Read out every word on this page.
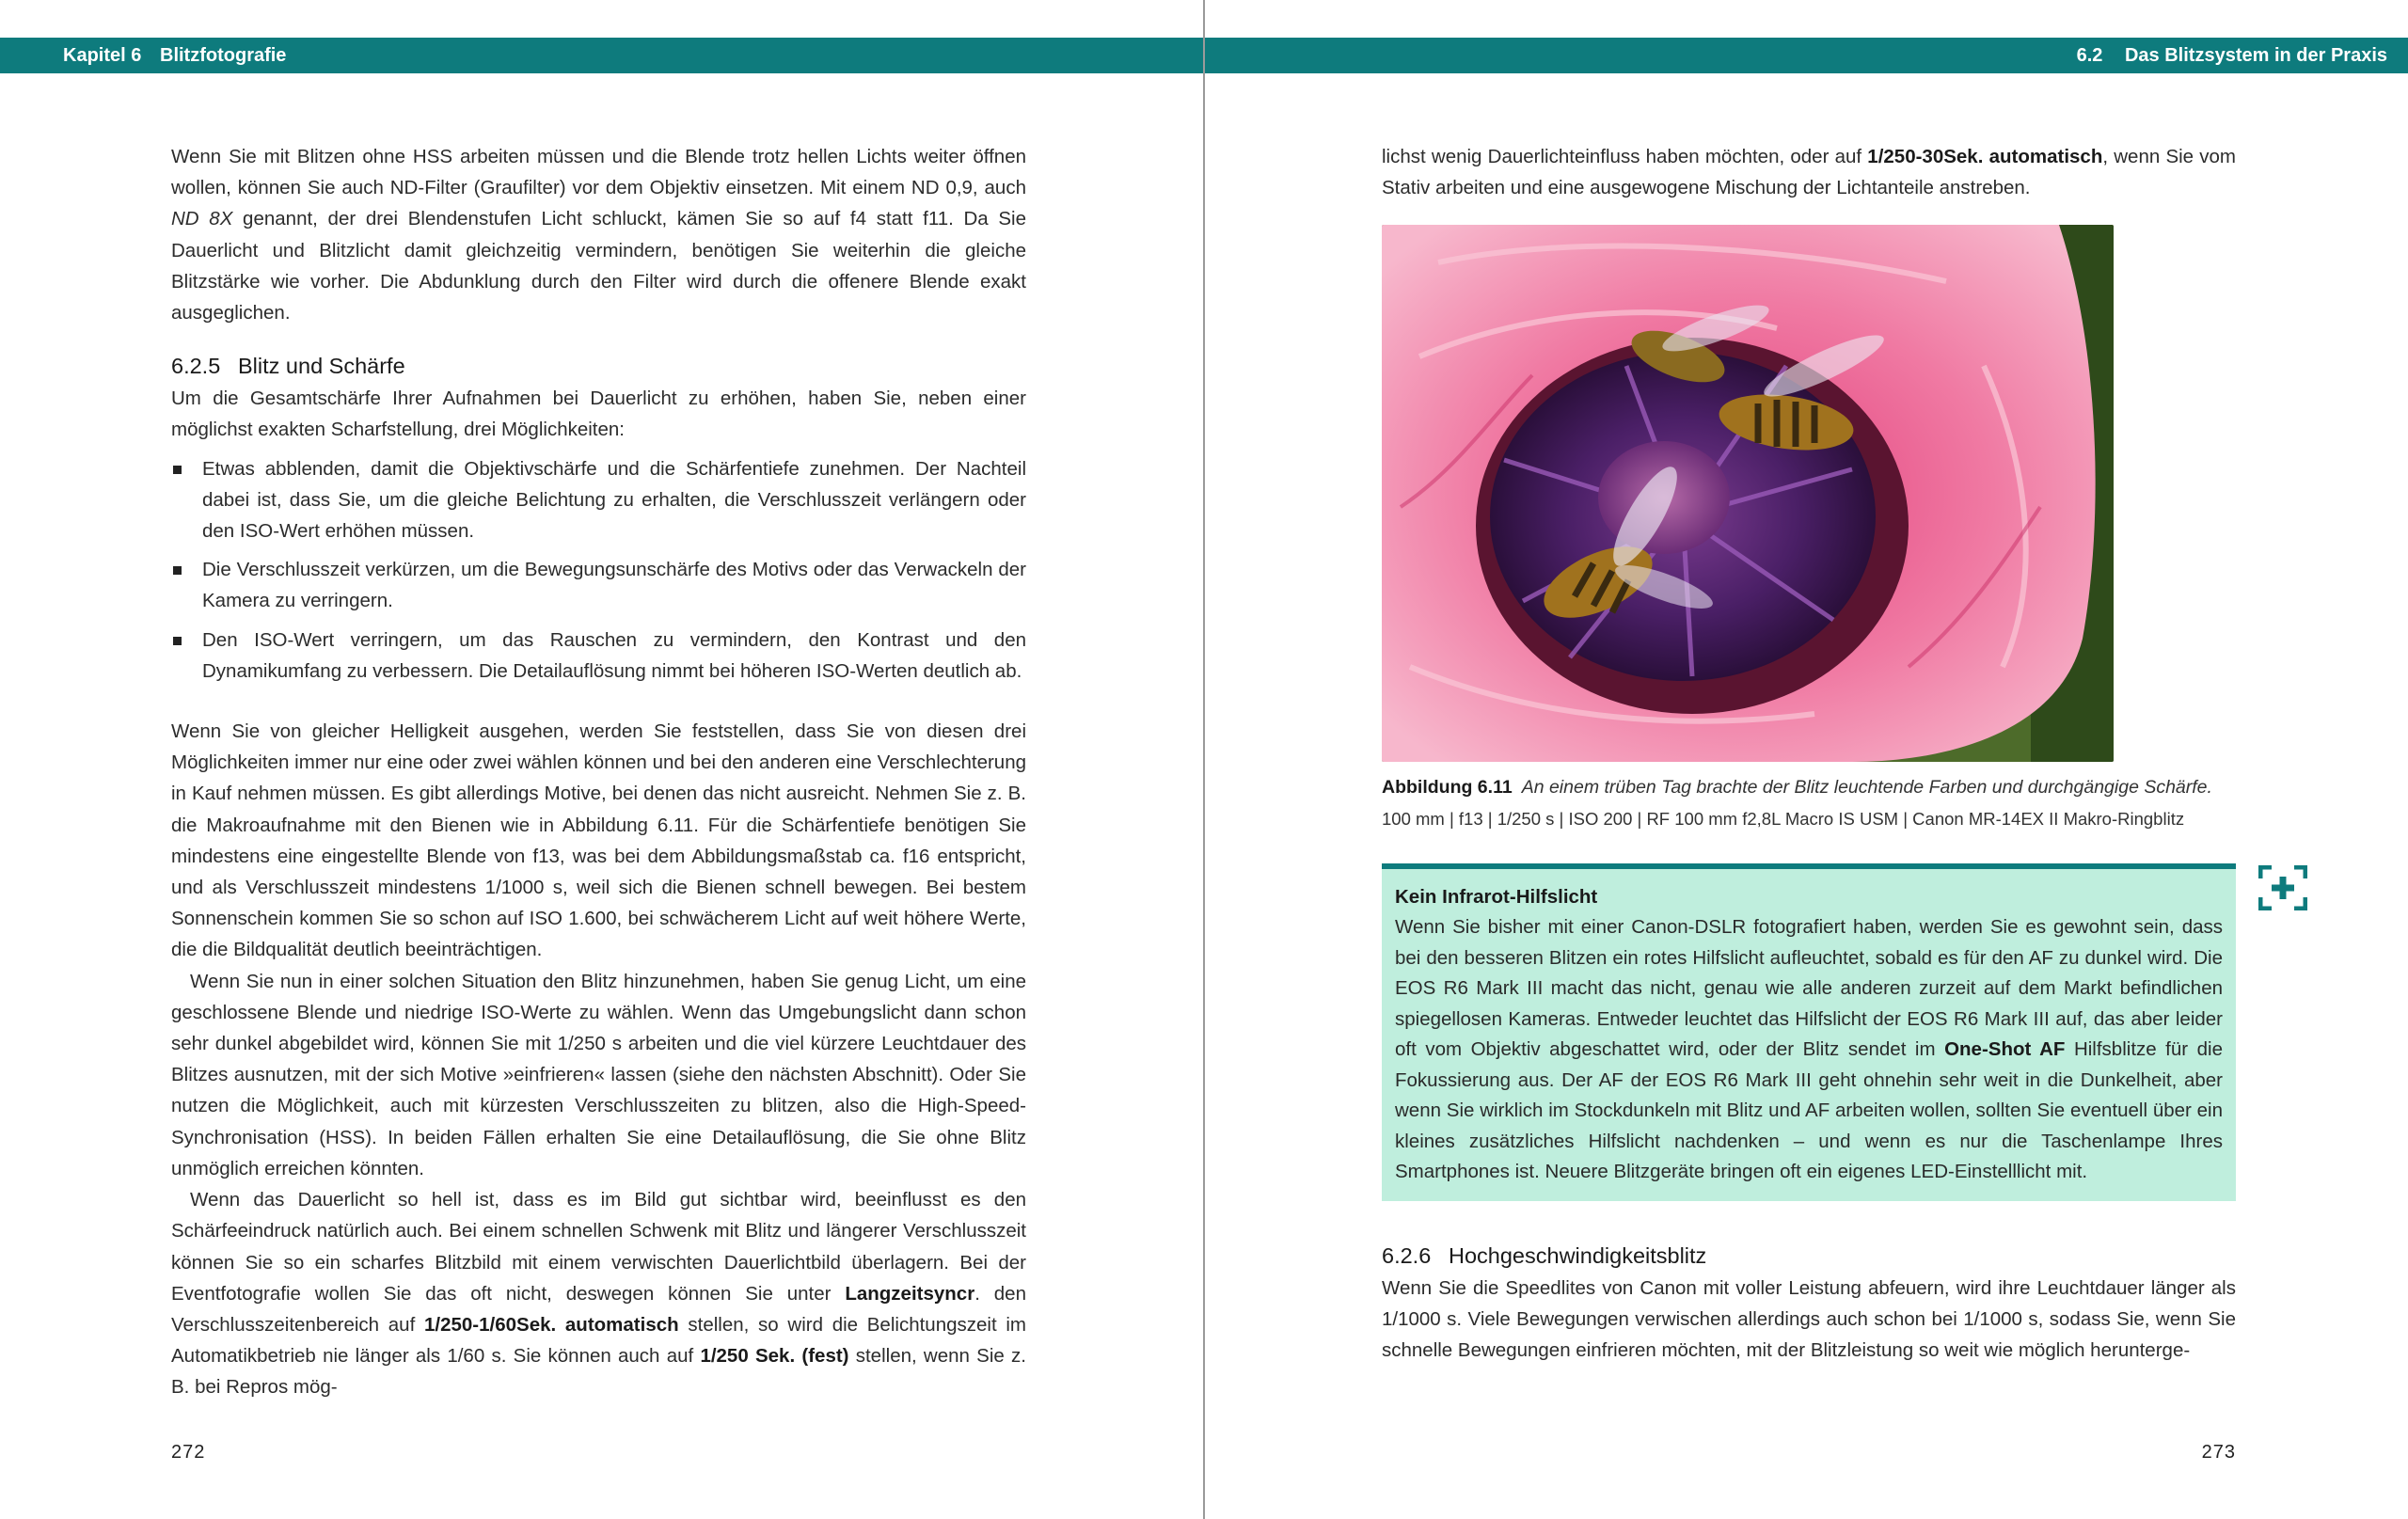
Kapitel 6 Blitzfotografie

Wenn Sie mit Blitzen ohne HSS arbeiten müssen und die Blende trotz hellen Lichts weiter öffnen wollen, können Sie auch ND-Filter (Graufilter) vor dem Objektiv einsetzen. Mit einem ND 0,9, auch ND 8X genannt, der drei Blendenstufen Licht schluckt, kämen Sie so auf f4 statt f11. Da Sie Dauerlicht und Blitzlicht damit gleichzeitig vermindern, benötigen Sie weiterhin die gleiche Blitzstärke wie vorher. Die Abdunklung durch den Filter wird durch die offenere Blende exakt ausgeglichen.

6.2.5 Blitz und Schärfe

Um die Gesamtschärfe Ihrer Aufnahmen bei Dauerlicht zu erhöhen, haben Sie, neben einer möglichst exakten Scharfstellung, drei Möglichkeiten:

Etwas abblenden, damit die Objektivschärfe und die Schärfentiefe zunehmen. Der Nachteil dabei ist, dass Sie, um die gleiche Belichtung zu erhalten, die Verschlusszeit verlängern oder den ISO-Wert erhöhen müssen.
Die Verschlusszeit verkürzen, um die Bewegungsunschärfe des Motivs oder das Verwackeln der Kamera zu verringern.
Den ISO-Wert verringern, um das Rauschen zu vermindern, den Kontrast und den Dynamikumfang zu verbessern. Die Detailauflösung nimmt bei höheren ISO-Werten deutlich ab.

Wenn Sie von gleicher Helligkeit ausgehen, werden Sie feststellen, dass Sie von diesen drei Möglichkeiten immer nur eine oder zwei wählen können und bei den anderen eine Verschlechterung in Kauf nehmen müssen. Es gibt allerdings Motive, bei denen das nicht ausreicht. Nehmen Sie z. B. die Makroaufnahme mit den Bienen wie in Abbildung 6.11. Für die Schärfentiefe benötigen Sie mindestens eine eingestellte Blende von f13, was bei dem Abbildungsmaßstab ca. f16 entspricht, und als Verschlusszeit mindestens 1/1000 s, weil sich die Bienen schnell bewegen. Bei bestem Sonnenschein kommen Sie so schon auf ISO 1.600, bei schwächerem Licht auf weit höhere Werte, die die Bildqualität deutlich beeinträchtigen.

Wenn Sie nun in einer solchen Situation den Blitz hinzunehmen, haben Sie genug Licht, um eine geschlossene Blende und niedrige ISO-Werte zu wählen. Wenn das Umgebungslicht dann schon sehr dunkel abgebildet wird, können Sie mit 1/250 s arbeiten und die viel kürzere Leuchtdauer des Blitzes ausnutzen, mit der sich Motive »einfrieren« lassen (siehe den nächsten Abschnitt). Oder Sie nutzen die Möglichkeit, auch mit kürzesten Verschlusszeiten zu blitzen, also die High-Speed-Synchronisation (HSS). In beiden Fällen erhalten Sie eine Detailauflösung, die Sie ohne Blitz unmöglich erreichen könnten.

Wenn das Dauerlicht so hell ist, dass es im Bild gut sichtbar wird, beeinflusst es den Schärfeeindruck natürlich auch. Bei einem schnellen Schwenk mit Blitz und längerer Verschlusszeit können Sie so ein scharfes Blitzbild mit einem verwischten Dauerlichtbild überlagern. Bei der Eventfotografie wollen Sie das oft nicht, deswegen können Sie unter Langzeitsyncr. den Verschlusszeitenbereich auf 1/250-1/60Sek. automatisch stellen, so wird die Belichtungszeit im Automatikbetrieb nie länger als 1/60 s. Sie können auch auf 1/250 Sek. (fest) stellen, wenn Sie z. B. bei Repros mög-

272
6.2 Das Blitzsystem in der Praxis

lichst wenig Dauerlichteinfluss haben möchten, oder auf 1/250-30Sek. automatisch, wenn Sie vom Stativ arbeiten und eine ausgewogene Mischung der Lichtanteile anstreben.

Abbildung 6.11 An einem trüben Tag brachte der Blitz leuchtende Farben und durchgängige Schärfe.
100 mm | f13 | 1/250 s | ISO 200 | RF 100 mm f2,8L Macro IS USM | Canon MR-14EX II Makro-Ringblitz
Kein Infrarot-Hilfslicht

Wenn Sie bisher mit einer Canon-DSLR fotografiert haben, werden Sie es gewohnt sein, dass bei den besseren Blitzen ein rotes Hilfslicht aufleuchtet, sobald es für den AF zu dunkel wird. Die EOS R6 Mark III macht das nicht, genau wie alle anderen zurzeit auf dem Markt befindlichen spiegellosen Kameras. Entweder leuchtet das Hilfslicht der EOS R6 Mark III auf, das aber leider oft vom Objektiv abgeschattet wird, oder der Blitz sendet im One-Shot AF Hilfsblitze für die Fokussierung aus. Der AF der EOS R6 Mark III geht ohnehin sehr weit in die Dunkelheit, aber wenn Sie wirklich im Stockdunkeln mit Blitz und AF arbeiten wollen, sollten Sie eventuell über ein kleines zusätzliches Hilfslicht nachdenken – und wenn es nur die Taschenlampe Ihres Smartphones ist. Neuere Blitzgeräte bringen oft ein eigenes LED-Einstelllicht mit.

6.2.6 Hochgeschwindigkeitsblitz

Wenn Sie die Speedlites von Canon mit voller Leistung abfeuern, wird ihre Leuchtdauer länger als 1/1000 s. Viele Bewegungen verwischen allerdings auch schon bei 1/1000 s, sodass Sie, wenn Sie schnelle Bewegungen einfrieren möchten, mit der Blitzleistung so weit wie möglich herunterge-

273
